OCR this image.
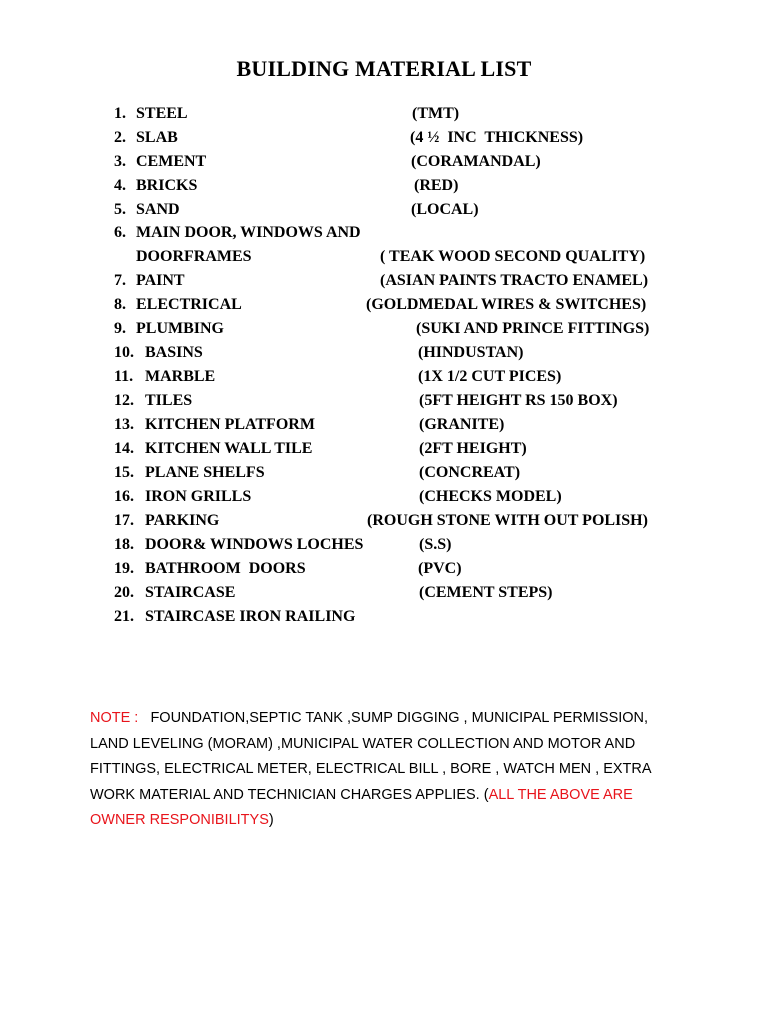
BUILDING MATERIAL LIST
1. STEEL	(TMT)
2. SLAB	(4 ½  INC  THICKNESS)
3. CEMENT	(CORAMANDAL)
4. BRICKS	(RED)
5. SAND	(LOCAL)
6. MAIN DOOR, WINDOWS AND
DOORFRAMES	( TEAK WOOD SECOND QUALITY)
7. PAINT	(ASIAN PAINTS TRACTO ENAMEL)
8. ELECTRICAL	(GOLDMEDAL WIRES & SWITCHES)
9. PLUMBING	(SUKI AND PRINCE FITTINGS)
10. BASINS	(HINDUSTAN)
11. MARBLE	(1X 1/2 CUT PICES)
12. TILES	(5FT HEIGHT RS 150 BOX)
13. KITCHEN PLATFORM	(GRANITE)
14. KITCHEN WALL TILE	(2FT HEIGHT)
15. PLANE SHELFS	(CONCREAT)
16. IRON GRILLS	(CHECKS MODEL)
17. PARKING	(ROUGH STONE WITH OUT POLISH)
18. DOOR& WINDOWS LOCHES	(S.S)
19. BATHROOM  DOORS	(PVC)
20. STAIRCASE	(CEMENT STEPS)
21. STAIRCASE IRON RAILING
NOTE : FOUNDATION,SEPTIC TANK ,SUMP DIGGING , MUNICIPAL PERMISSION, LAND LEVELING (MORAM) ,MUNICIPAL WATER COLLECTION AND MOTOR AND FITTINGS, ELECTRICAL METER, ELECTRICAL BILL , BORE , WATCH MEN , EXTRA WORK MATERIAL AND TECHNICIAN CHARGES APPLIES. (ALL THE ABOVE ARE OWNER RESPONIBILITYS)
